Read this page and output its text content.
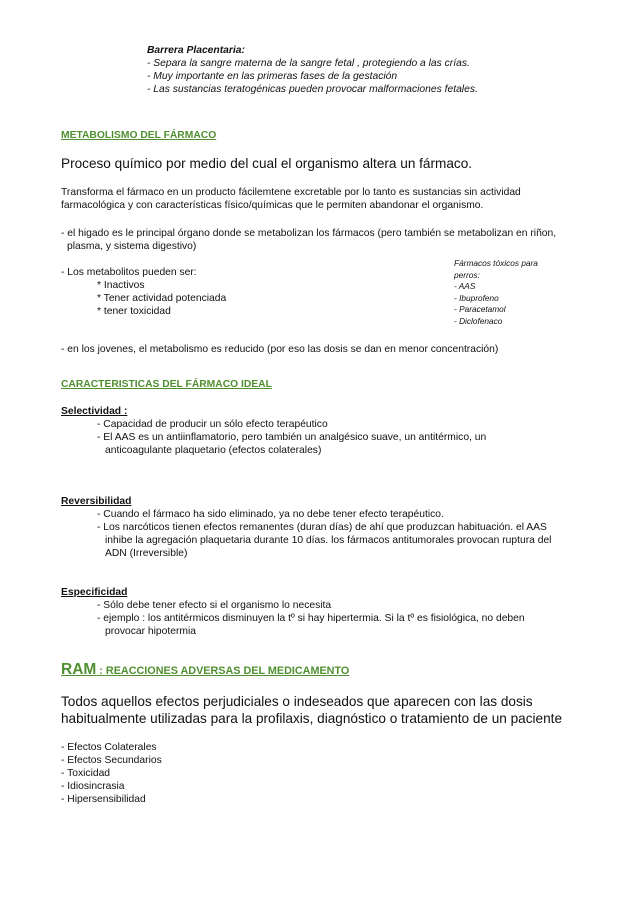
Barrera Placentaria:
- Separa la sangre materna de la sangre fetal , protegiendo a las crías.
- Muy importante en las primeras fases de la gestación
- Las sustancias teratogénicas pueden provocar malformaciones fetales.
METABOLISMO DEL FÁRMACO
Proceso químico por medio del cual el organismo altera un fármaco.
Transforma el fármaco en un producto fácilemtene excretable por lo tanto es sustancias sin actividad
farmacológica y con características físico/químicas que le permiten abandonar el organismo.
- el higado es le principal órgano donde se metabolizan los fármacos (pero también se metabolizan en riñon,
plasma, y sistema digestivo)
- Los metabolitos pueden ser:
* Inactivos
* Tener actividad potenciada
* tener toxicidad
Fármacos tóxicos para
perros:
- AAS
- Ibuprofeno
- Paracetamol
- Diclofenaco
- en los jovenes, el metabolismo es reducido (por eso las dosis se dan en menor concentración)
CARACTERISTICAS DEL FÁRMACO IDEAL
Selectividad :
- Capacidad de producir un sólo efecto terapéutico
- El AAS es un antiinflamatorio, pero también un analgésico suave, un antitérmico, un
anticoagulante plaquetario (efectos colaterales)
Reversibilidad
- Cuando el fármaco ha sido eliminado, ya no debe tener efecto terapéutico.
- Los narcóticos tienen efectos remanentes (duran días) de ahí que produzcan habituación. el AAS
inhibe la agregación plaquetaria durante 10 días. los fármacos antitumorales provocan ruptura del
ADN (Irreversible)
Especificidad
- Sólo debe tener efecto si el organismo lo necesita
- ejemplo : los antitérmicos disminuyen la tº si hay hipertermia. Si la tº es fisiológica, no deben
provocar hipotermia
RAM : REACCIONES ADVERSAS DEL MEDICAMENTO
Todos aquellos efectos perjudiciales o indeseados que aparecen con las dosis
habitualmente utilizadas para la profilaxis, diagnóstico o tratamiento de un paciente
- Efectos Colaterales
- Efectos Secundarios
- Toxicidad
- Idiosincrasia
- Hipersensibilidad
